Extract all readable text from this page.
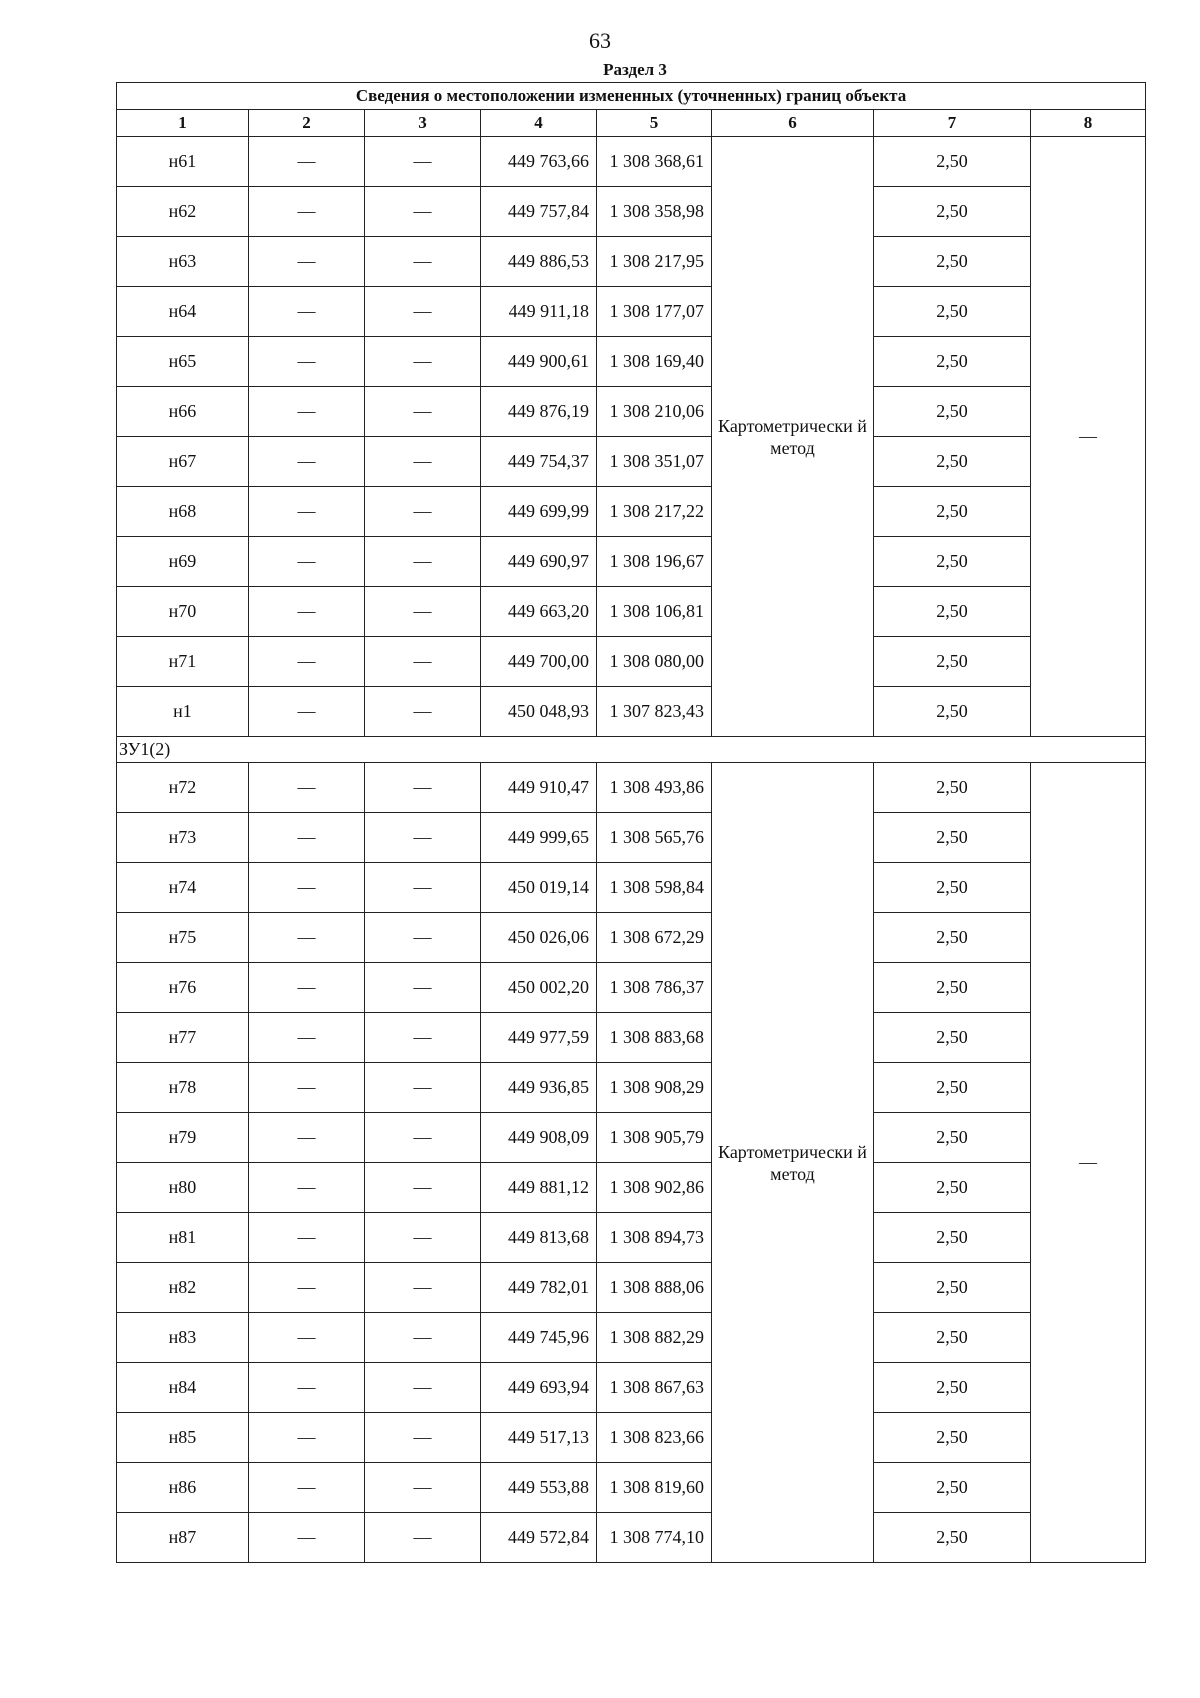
63
Раздел 3
Сведения о местоположении измененных (уточненных) границ объекта							
1	2	3	4	5	6	7	8
н61	—	—	449 763,66	1 308 368,61	Картометрически й метод	2,50	—
н62	—	—	449 757,84	1 308 358,98		2,50	
н63	—	—	449 886,53	1 308 217,95		2,50	
н64	—	—	449 911,18	1 308 177,07		2,50	
н65	—	—	449 900,61	1 308 169,40		2,50	
н66	—	—	449 876,19	1 308 210,06		2,50	
н67	—	—	449 754,37	1 308 351,07		2,50	
н68	—	—	449 699,99	1 308 217,22		2,50	
н69	—	—	449 690,97	1 308 196,67		2,50	
н70	—	—	449 663,20	1 308 106,81		2,50	
н71	—	—	449 700,00	1 308 080,00		2,50	
н1	—	—	450 048,93	1 307 823,43		2,50	
ЗУ1(2)							
н72	—	—	449 910,47	1 308 493,86	Картометрически й метод	2,50	—
н73	—	—	449 999,65	1 308 565,76		2,50	
н74	—	—	450 019,14	1 308 598,84		2,50	
н75	—	—	450 026,06	1 308 672,29		2,50	
н76	—	—	450 002,20	1 308 786,37		2,50	
н77	—	—	449 977,59	1 308 883,68		2,50	
н78	—	—	449 936,85	1 308 908,29		2,50	
н79	—	—	449 908,09	1 308 905,79		2,50	
н80	—	—	449 881,12	1 308 902,86		2,50	
н81	—	—	449 813,68	1 308 894,73		2,50	
н82	—	—	449 782,01	1 308 888,06		2,50	
н83	—	—	449 745,96	1 308 882,29		2,50	
н84	—	—	449 693,94	1 308 867,63		2,50	
н85	—	—	449 517,13	1 308 823,66		2,50	
н86	—	—	449 553,88	1 308 819,60		2,50	
н87	—	—	449 572,84	1 308 774,10		2,50	
